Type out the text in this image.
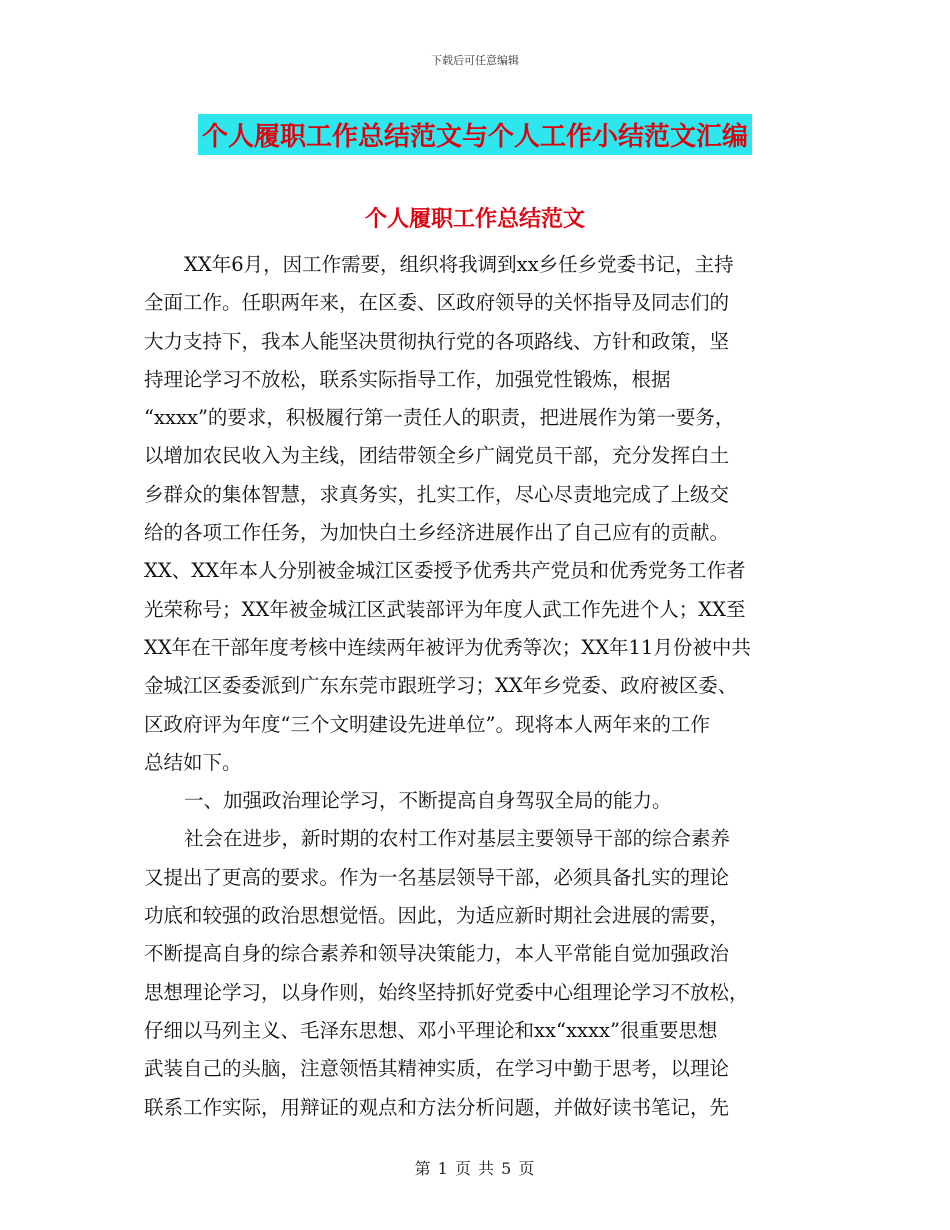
下载后可任意编辑
个人履职工作总结范文与个人工作小结范文汇编
个人履职工作总结范文
XX年6月，因工作需要，组织将我调到xx乡任乡党委书记，主持
全面工作。任职两年来，在区委、区政府领导的关怀指导及同志们的
大力支持下，我本人能坚决贯彻执行党的各项路线、方针和政策，坚
持理论学习不放松，联系实际指导工作，加强党性锻炼，根据
“xxxx”的要求，积极履行第一责任人的职责，把进展作为第一要务，
以增加农民收入为主线，团结带领全乡广阔党员干部，充分发挥白土
乡群众的集体智慧，求真务实，扎实工作，尽心尽责地完成了上级交
给的各项工作任务，为加快白土乡经济进展作出了自己应有的贡献。
XX、XX年本人分别被金城江区委授予优秀共产党员和优秀党务工作者
光荣称号；XX年被金城江区武装部评为年度人武工作先进个人；XX至
XX年在干部年度考核中连续两年被评为优秀等次；XX年11月份被中共
金城江区委委派到广东东莞市跟班学习；XX年乡党委、政府被区委、
区政府评为年度“三个文明建设先进单位”。现将本人两年来的工作
总结如下。
一、加强政治理论学习，不断提高自身驾驭全局的能力。
社会在进步，新时期的农村工作对基层主要领导干部的综合素养
又提出了更高的要求。作为一名基层领导干部，必须具备扎实的理论
功底和较强的政治思想觉悟。因此，为适应新时期社会进展的需要，
不断提高自身的综合素养和领导决策能力，本人平常能自觉加强政治
思想理论学习，以身作则，始终坚持抓好党委中心组理论学习不放松，
仔细以马列主义、毛泽东思想、邓小平理论和xx“xxxx”很重要思想
武装自己的头脑，注意领悟其精神实质，在学习中勤于思考，以理论
联系工作实际，用辩证的观点和方法分析问题，并做好读书笔记，先
第 1 页 共 5 页
